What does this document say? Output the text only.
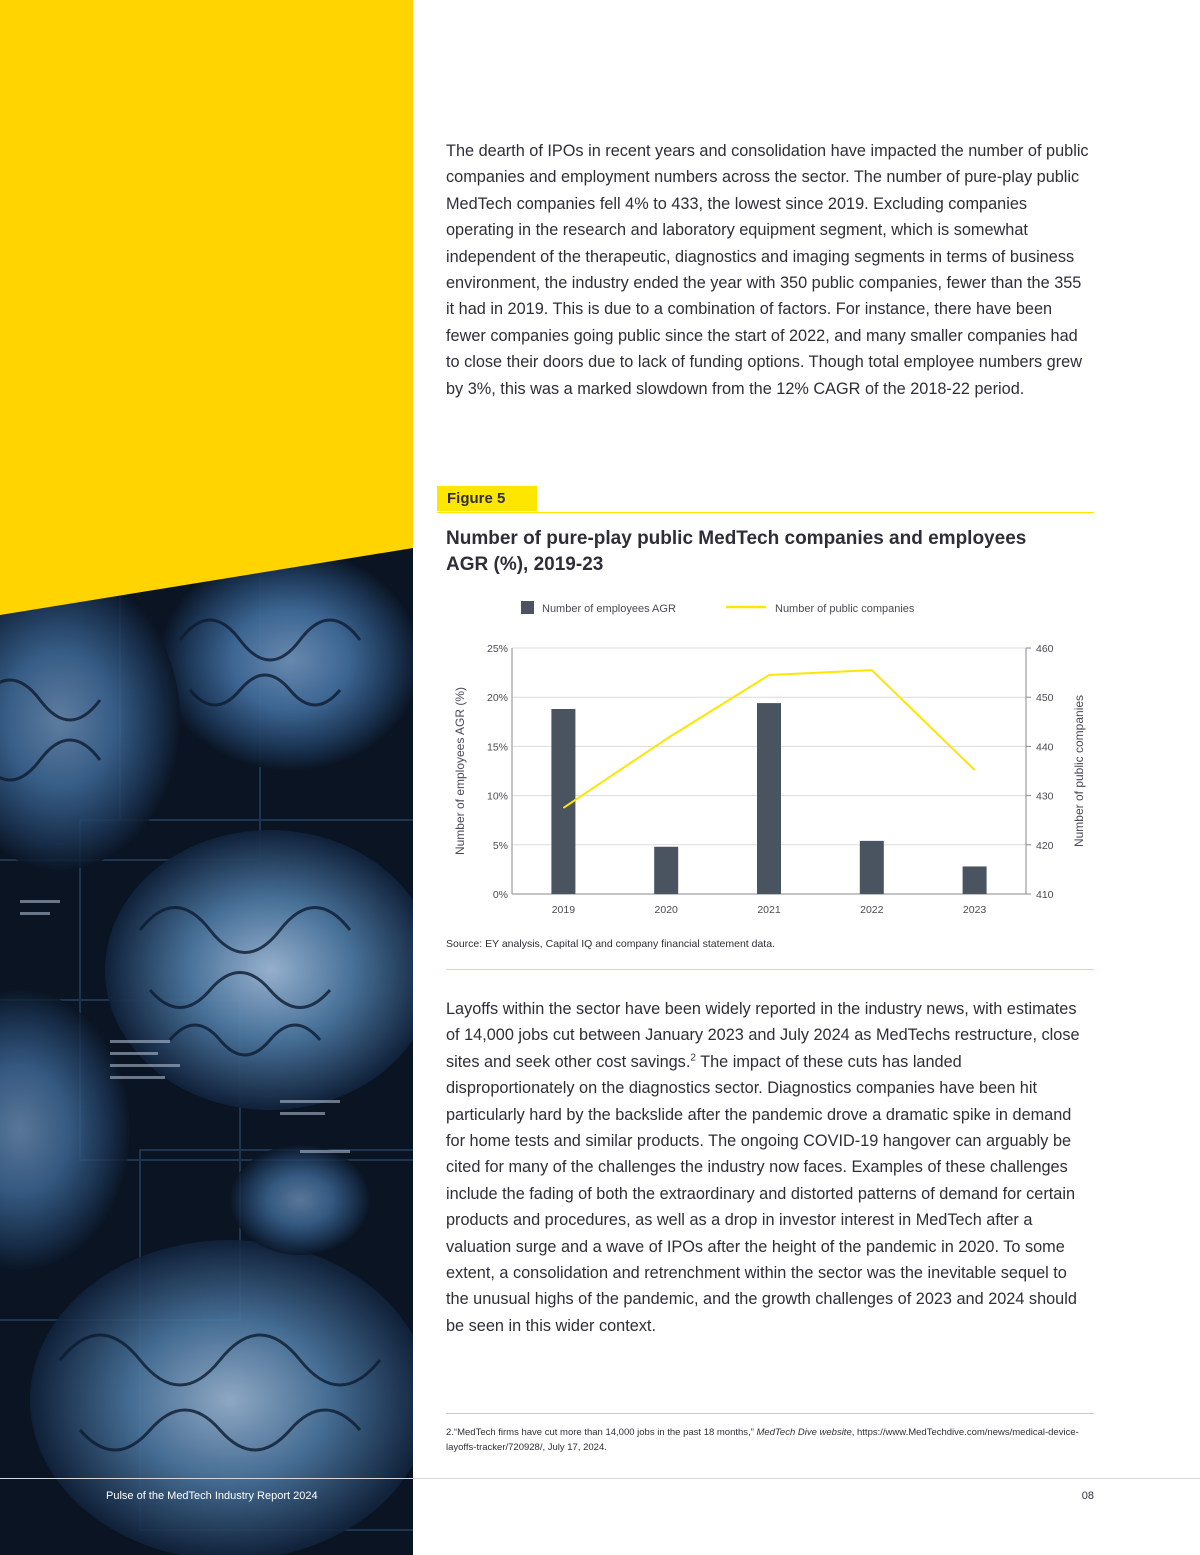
The dearth of IPOs in recent years and consolidation have impacted the number of public companies and employment numbers across the sector. The number of pure-play public MedTech companies fell 4% to 433, the lowest since 2019. Excluding companies operating in the research and laboratory equipment segment, which is somewhat independent of the therapeutic, diagnostics and imaging segments in terms of business environment, the industry ended the year with 350 public companies, fewer than the 355 it had in 2019. This is due to a combination of factors. For instance, there have been fewer companies going public since the start of 2022, and many smaller companies had to close their doors due to lack of funding options. Though total employee numbers grew by 3%, this was a marked slowdown from the 12% CAGR of the 2018-22 period.

Figure 5
Number of pure-play public MedTech companies and employees AGR (%), 2019-23
Number of employees AGR	Number of public companies
0%
5%
10%
15%
20%
25%
410
420
430
440
450
460
Number of employees AGR (%)	Number of public companies
2019	2020	2021	2022	2023
Source: EY analysis, Capital IQ and company financial statement data.

Layoffs within the sector have been widely reported in the industry news, with estimates of 14,000 jobs cut between January 2023 and July 2024 as MedTechs restructure, close sites and seek other cost savings.$^2$ The impact of these cuts has landed disproportionately on the diagnostics sector. Diagnostics companies have been hit particularly hard by the backslide after the pandemic drove a dramatic spike in demand for home tests and similar products. The ongoing COVID-19 hangover can arguably be cited for many of the challenges the industry now faces. Examples of these challenges include the fading of both the extraordinary and distorted patterns of demand for certain products and procedures, as well as a drop in investor interest in MedTech after a valuation surge and a wave of IPOs after the height of the pandemic in 2020. To some extent, a consolidation and retrenchment within the sector was the inevitable sequel to the unusual highs of the pandemic, and the growth challenges of 2023 and 2024 should be seen in this wider context.

2.“MedTech firms have cut more than 14,000 jobs in the past 18 months,” MedTech Dive website, https://www.MedTechdive.com/news/medical-device-layoffs-tracker/720928/, July 17, 2024.
Pulse of the MedTech Industry Report 2024	08
